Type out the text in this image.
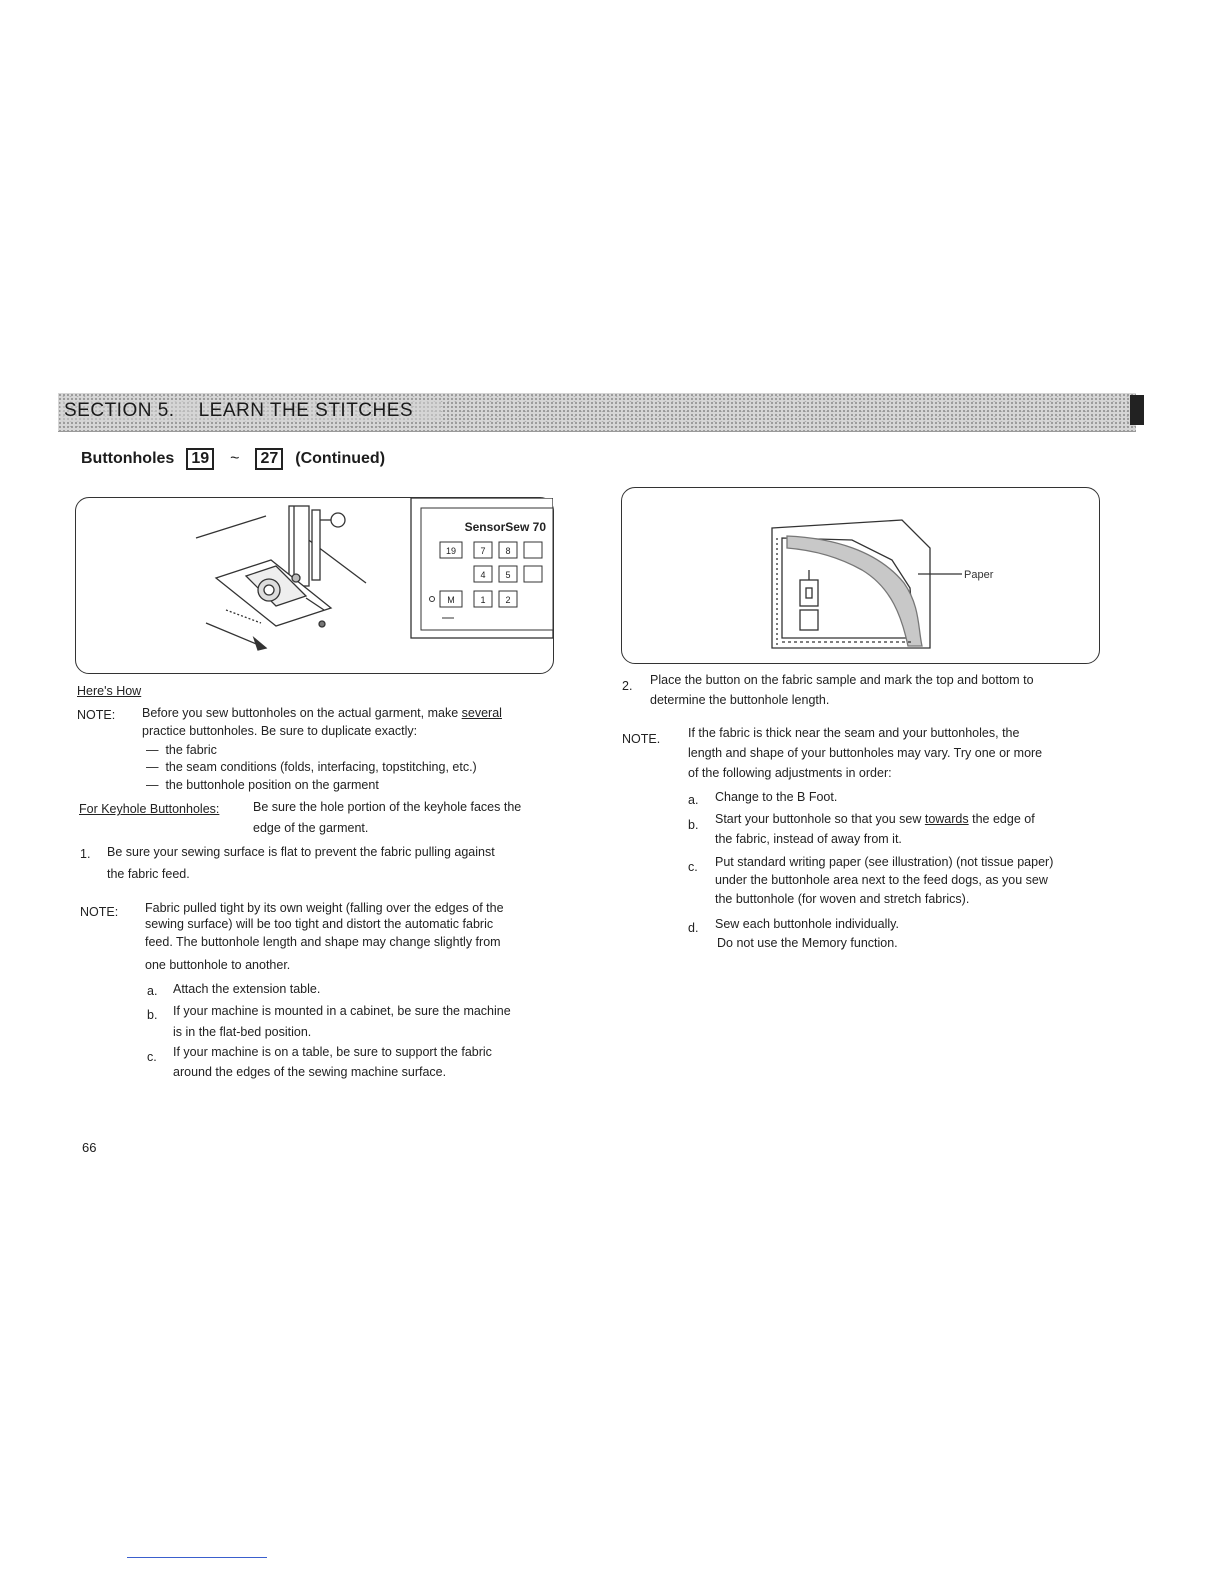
SECTION 5. LEARN THE STITCHES
Buttonholes 19 ~ 27 (Continued)
SensorSew 70
19	7 8
4 5
M	1 2
Paper
Here's How
NOTE: Before you sew buttonholes on the actual garment, make several
practice buttonholes. Be sure to duplicate exactly:
—  the fabric
—  the seam conditions (folds, interfacing, topstitching, etc.)
—  the buttonhole position on the garment
For Keyhole Buttonholes:	Be sure the hole portion of the keyhole faces the
edge of the garment.
1. Be sure your sewing surface is flat to prevent the fabric pulling against
the fabric feed.
NOTE: Fabric pulled tight by its own weight (falling over the edges of the
sewing surface) will be too tight and distort the automatic fabric
feed. The buttonhole length and shape may change slightly from
one buttonhole to another.
a. Attach the extension table.
b. If your machine is mounted in a cabinet, be sure the machine
is in the flat-bed position.
c. If your machine is on a table, be sure to support the fabric
around the edges of the sewing machine surface.
2. Place the button on the fabric sample and mark the top and bottom to
determine the buttonhole length.
NOTE. If the fabric is thick near the seam and your buttonholes, the
length and shape of your buttonholes may vary. Try one or more
of the following adjustments in order:
a. Change to the B Foot.
b. Start your buttonhole so that you sew towards the edge of
the fabric, instead of away from it.
c. Put standard writing paper (see illustration) (not tissue paper)
under the buttonhole area next to the feed dogs, as you sew
the buttonhole (for woven and stretch fabrics).
d. Sew each buttonhole individually.
Do not use the Memory function.
66
